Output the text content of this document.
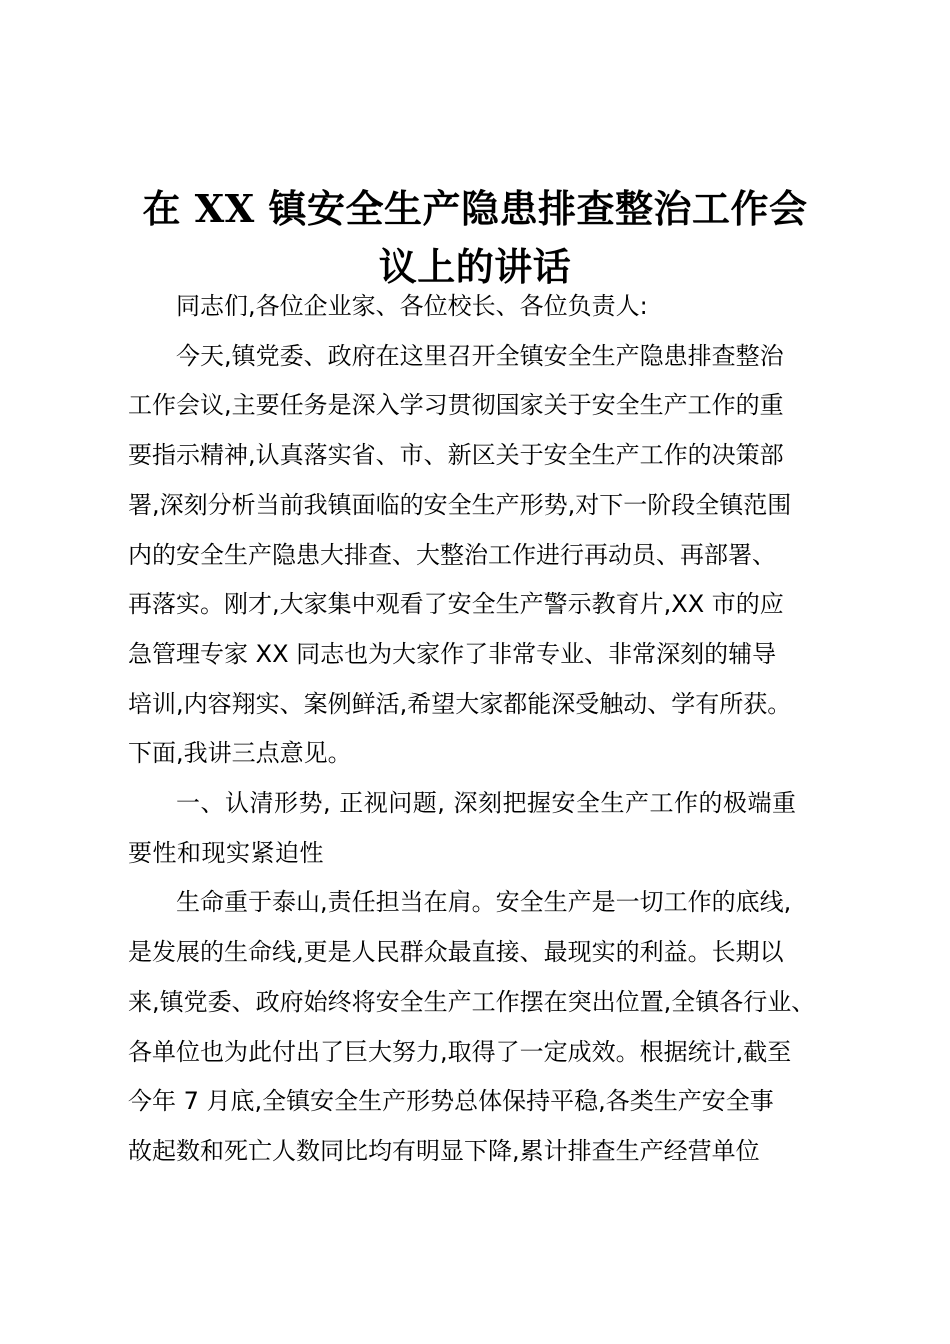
在 XX 镇安全生产隐患排查整治工作会
议上的讲话

同志们,各位企业家、各位校长、各位负责人:

今天,镇党委、政府在这里召开全镇安全生产隐患排查整治
工作会议,主要任务是深入学习贯彻国家关于安全生产工作的重
要指示精神,认真落实省、市、新区关于安全生产工作的决策部
署,深刻分析当前我镇面临的安全生产形势,对下一阶段全镇范围
内的安全生产隐患大排查、大整治工作进行再动员、再部署、
再落实。刚才,大家集中观看了安全生产警示教育片,XX 市的应
急管理专家 XX 同志也为大家作了非常专业、非常深刻的辅导
培训,内容翔实、案例鲜活,希望大家都能深受触动、学有所获。
下面,我讲三点意见。

一、认清形势, 正视问题, 深刻把握安全生产工作的极端重
要性和现实紧迫性

生命重于泰山,责任担当在肩。安全生产是一切工作的底线,
是发展的生命线,更是人民群众最直接、最现实的利益。长期以
来,镇党委、政府始终将安全生产工作摆在突出位置,全镇各行业、
各单位也为此付出了巨大努力,取得了一定成效。根据统计,截至
今年 7 月底,全镇安全生产形势总体保持平稳,各类生产安全事
故起数和死亡人数同比均有明显下降,累计排查生产经营单位
